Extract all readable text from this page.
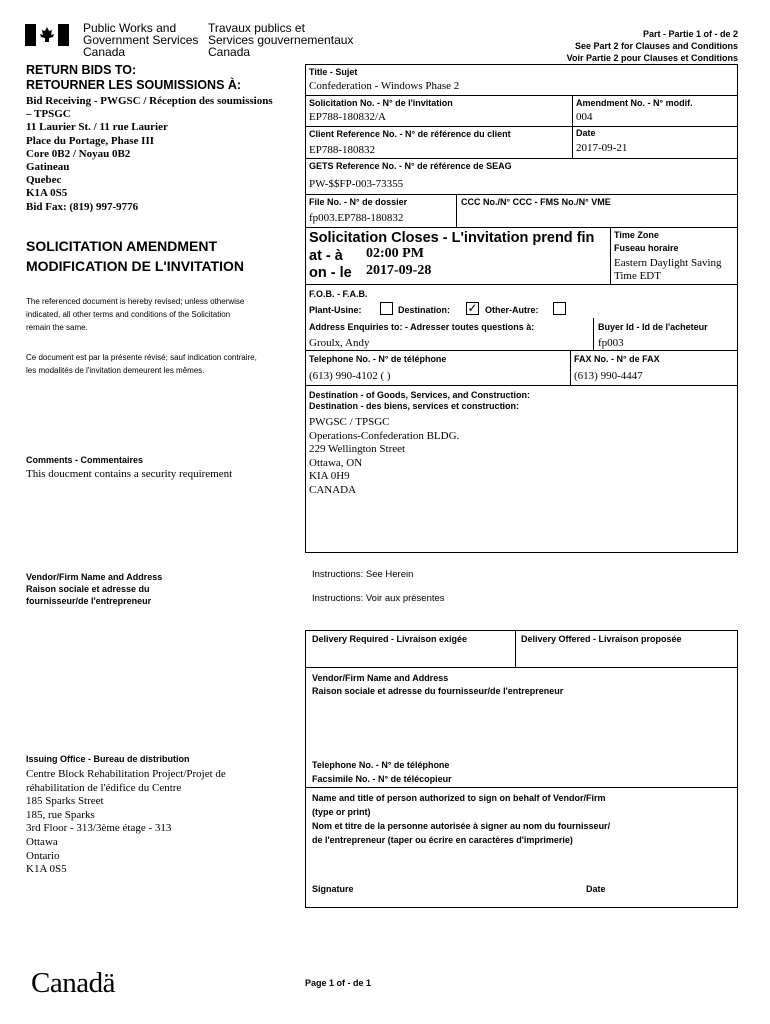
Public Works and
Government Services
Canada
Travaux publics et
Services gouvernementaux
Canada
Part - Partie 1 of - de 2
See Part 2 for Clauses and Conditions
Voir Partie 2 pour Clauses et Conditions
RETURN BIDS TO:
RETOURNER LES SOUMISSIONS À:
Bid Receiving - PWGSC / Réception des soumissions
– TPSGC
11 Laurier St. / 11 rue Laurier
Place du Portage, Phase III
Core 0B2 / Noyau 0B2
Gatineau
Quebec
K1A 0S5
Bid Fax: (819) 997-9776
SOLICITATION AMENDMENT
MODIFICATION DE L'INVITATION
The referenced document is hereby revised; unless otherwise
indicated, all other terms and conditions of the Solicitation
remain the same.
Ce document est par la présente révisé; sauf indication contraire,
les modalités de l'invitation demeurent les mêmes.
Comments - Commentaires
This doucment contains a security requirement
Vendor/Firm Name and Address
Raison sociale et adresse du
fournisseur/de l'entrepreneur
Issuing Office - Bureau de distribution
Centre Block Rehabilitation Project/Projet de
réhabilitation de l'édifice du Centre
185 Sparks Street
185, rue Sparks
3rd Floor - 313/3ème étage - 313
Ottawa
Ontario
K1A 0S5
Title - Sujet
Confederation - Windows Phase 2
Solicitation No. - N° de l'invitation
EP788-180832/A
Amendment No. - N° modif.
004
Client Reference No. - N° de référence du client
EP788-180832
Date
2017-09-21
GETS Reference No. - N° de référence de SEAG
PW-$$FP-003-73355
File No. - N° de dossier
fp003.EP788-180832
CCC No./N° CCC - FMS No./N° VME
Solicitation Closes - L'invitation prend fin
at - à 02:00 PM
on - le 2017-09-28
Time Zone
Fuseau horaire
Eastern Daylight Saving
Time EDT
F.O.B. - F.A.B.
Plant-Usine:	Destination: ✓ Other-Autre:
Address Enquiries to: - Adresser toutes questions à:
Groulx, Andy
Buyer Id - Id de l'acheteur
fp003
Telephone No. - N° de téléphone
(613) 990-4102 ( )
FAX No. - N° de FAX
(613) 990-4447
Destination - of Goods, Services, and Construction:
Destination - des biens, services et construction:
PWGSC / TPSGC
Operations-Confederation BLDG.
229 Wellington Street
Ottawa, ON
KIA 0H9
CANADA
Instructions: See Herein
Instructions: Voir aux présentes
Delivery Required - Livraison exigée	Delivery Offered - Livraison proposée
Vendor/Firm Name and Address
Raison sociale et adresse du fournisseur/de l'entrepreneur
Telephone No. - N° de téléphone
Facsimile No. - N° de télécopieur
Name and title of person authorized to sign on behalf of Vendor/Firm
(type or print)
Nom et titre de la personne autorisée à signer au nom du fournisseur/
de l'entrepreneur (taper ou écrire en caractères d'imprimerie)
Signature	Date
Canadä	Page 1 of - de 1
